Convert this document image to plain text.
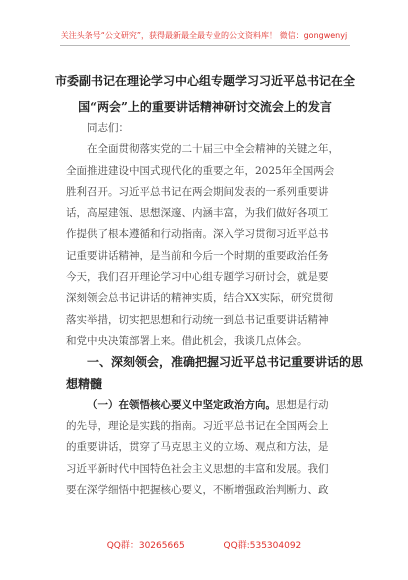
关注头条号“公文研究”，获得最新最全最专业的公文资料库！ 微信：gongwenyj
市委副书记在理论学习中心组专题学习习近平总书记在全
国“两会”上的重要讲话精神研讨交流会上的发言
同志们：
在全面贯彻落实党的二十届三中全会精神的关键之年，
全面推进建设中国式现代化的重要之年，2025年全国两会
胜利召开。习近平总书记在两会期间发表的一系列重要讲
话，高屋建瓴、思想深邃、内涵丰富，为我们做好各项工
作提供了根本遵循和行动指南。深入学习贯彻习近平总书
记重要讲话精神，是当前和今后一个时期的重要政治任务
今天，我们召开理论学习中心组专题学习研讨会，就是要
深刻领会总书记讲话的精神实质，结合XX实际，研究贯彻
落实举措，切实把思想和行动统一到总书记重要讲话精神
和党中央决策部署上来。借此机会，我谈几点体会。
一、深刻领会，准确把握习近平总书记重要讲话的思
想精髓
（一）在领悟核心要义中坚定政治方向。思想是行动
的先导，理论是实践的指南。习近平总书记在全国两会上
的重要讲话，贯穿了马克思主义的立场、观点和方法，是
习近平新时代中国特色社会主义思想的丰富和发展。我们
要在深学细悟中把握核心要义，不断增强政治判断力、政
QQ群：30265665	QQ群:535304092
